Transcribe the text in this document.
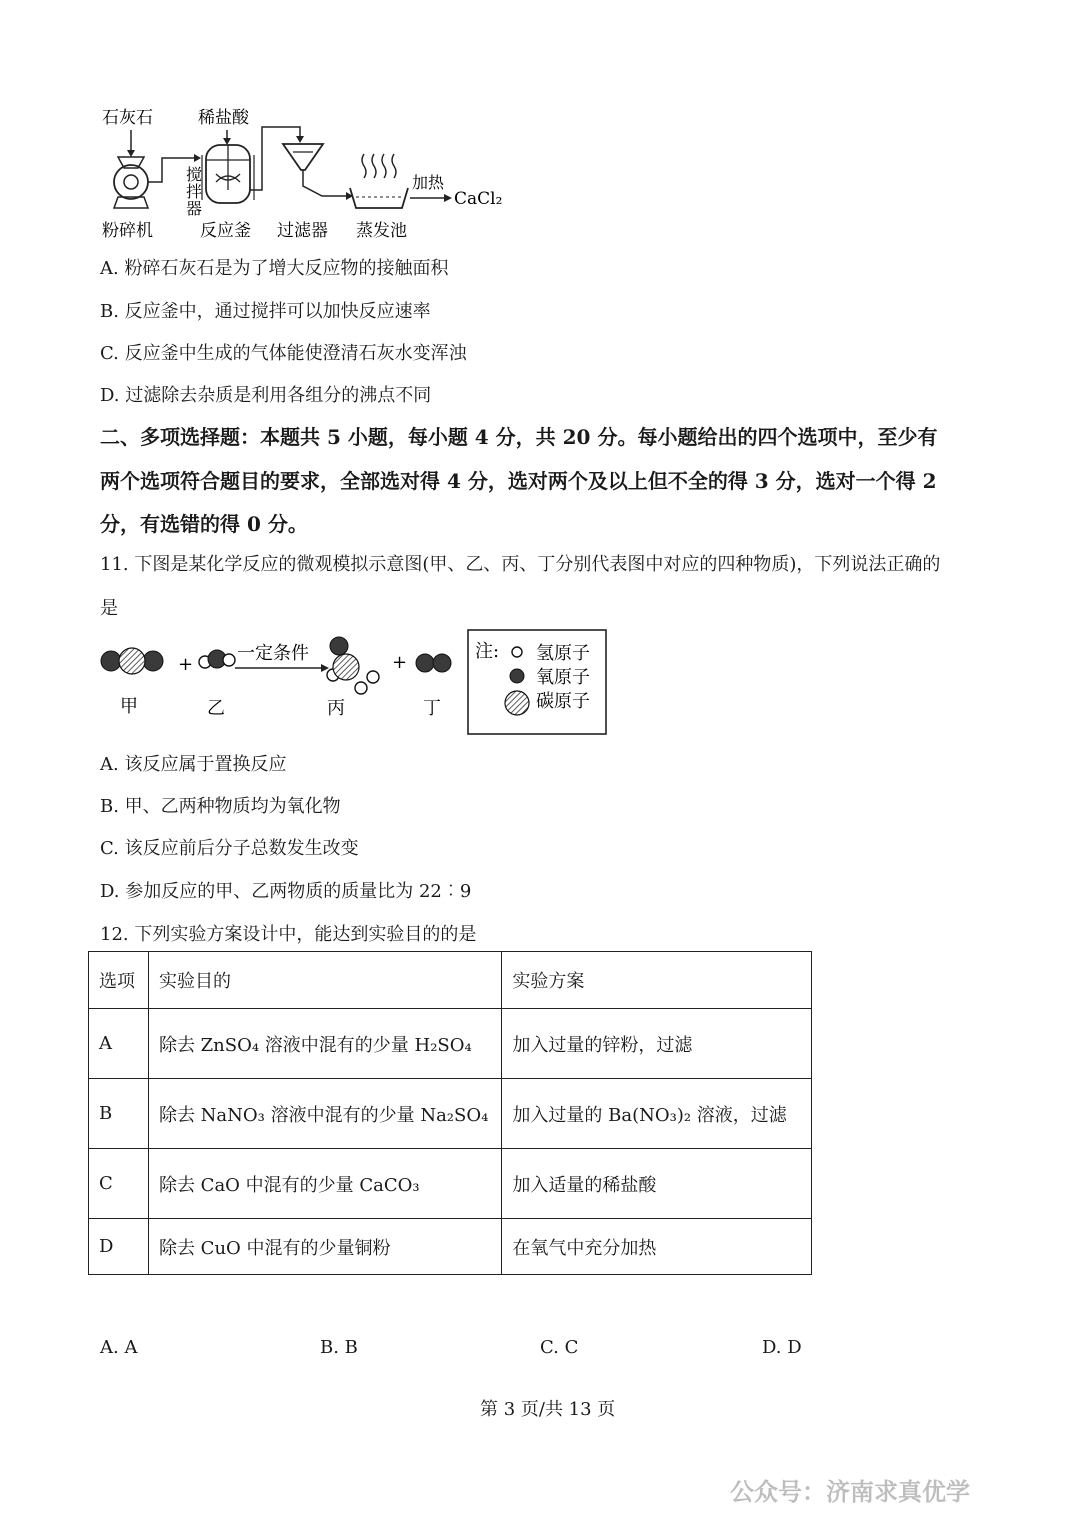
石灰石	稀盐酸
搅
拌
器
加热
CaCl₂
粉碎机	反应釜 过滤器 蒸发池
A. 粉碎石灰石是为了增大反应物的接触面积
B. 反应釜中，通过搅拌可以加快反应速率
C. 反应釜中生成的气体能使澄清石灰水变浑浊
D. 过滤除去杂质是利用各组分的沸点不同
二、多项选择题：本题共 5 小题，每小题 4 分，共 20 分。每小题给出的四个选项中，至少有
两个选项符合题目的要求，全部选对得 4 分，选对两个及以上但不全的得 3 分，选对一个得 2
分，有选错的得 0 分。
11. 下图是某化学反应的微观模拟示意图(甲、乙、丙、丁分别代表图中对应的四种物质)，下列说法正确的
是
+
一定条件	+
甲	乙	丙	丁
注: 氢原子
氧原子
碳原子
A. 该反应属于置换反应
B. 甲、乙两种物质均为氧化物
C. 该反应前后分子总数发生改变
D. 参加反应的甲、乙两物质的质量比为 22︰9
12. 下列实验方案设计中，能达到实验目的的是
选项	实验目的	实验方案
A	除去 ZnSO₄ 溶液中混有的少量 H₂SO₄	加入过量的锌粉，过滤
B	除去 NaNO₃ 溶液中混有的少量 Na₂SO₄	加入过量的 Ba(NO₃)₂ 溶液，过滤
C	除去 CaO 中混有的少量 CaCO₃	加入适量的稀盐酸
D	除去 CuO 中混有的少量铜粉	在氧气中充分加热
A. A	B. B	C. C	D. D
第 3 页/共 13 页
公众号：济南求真优学
